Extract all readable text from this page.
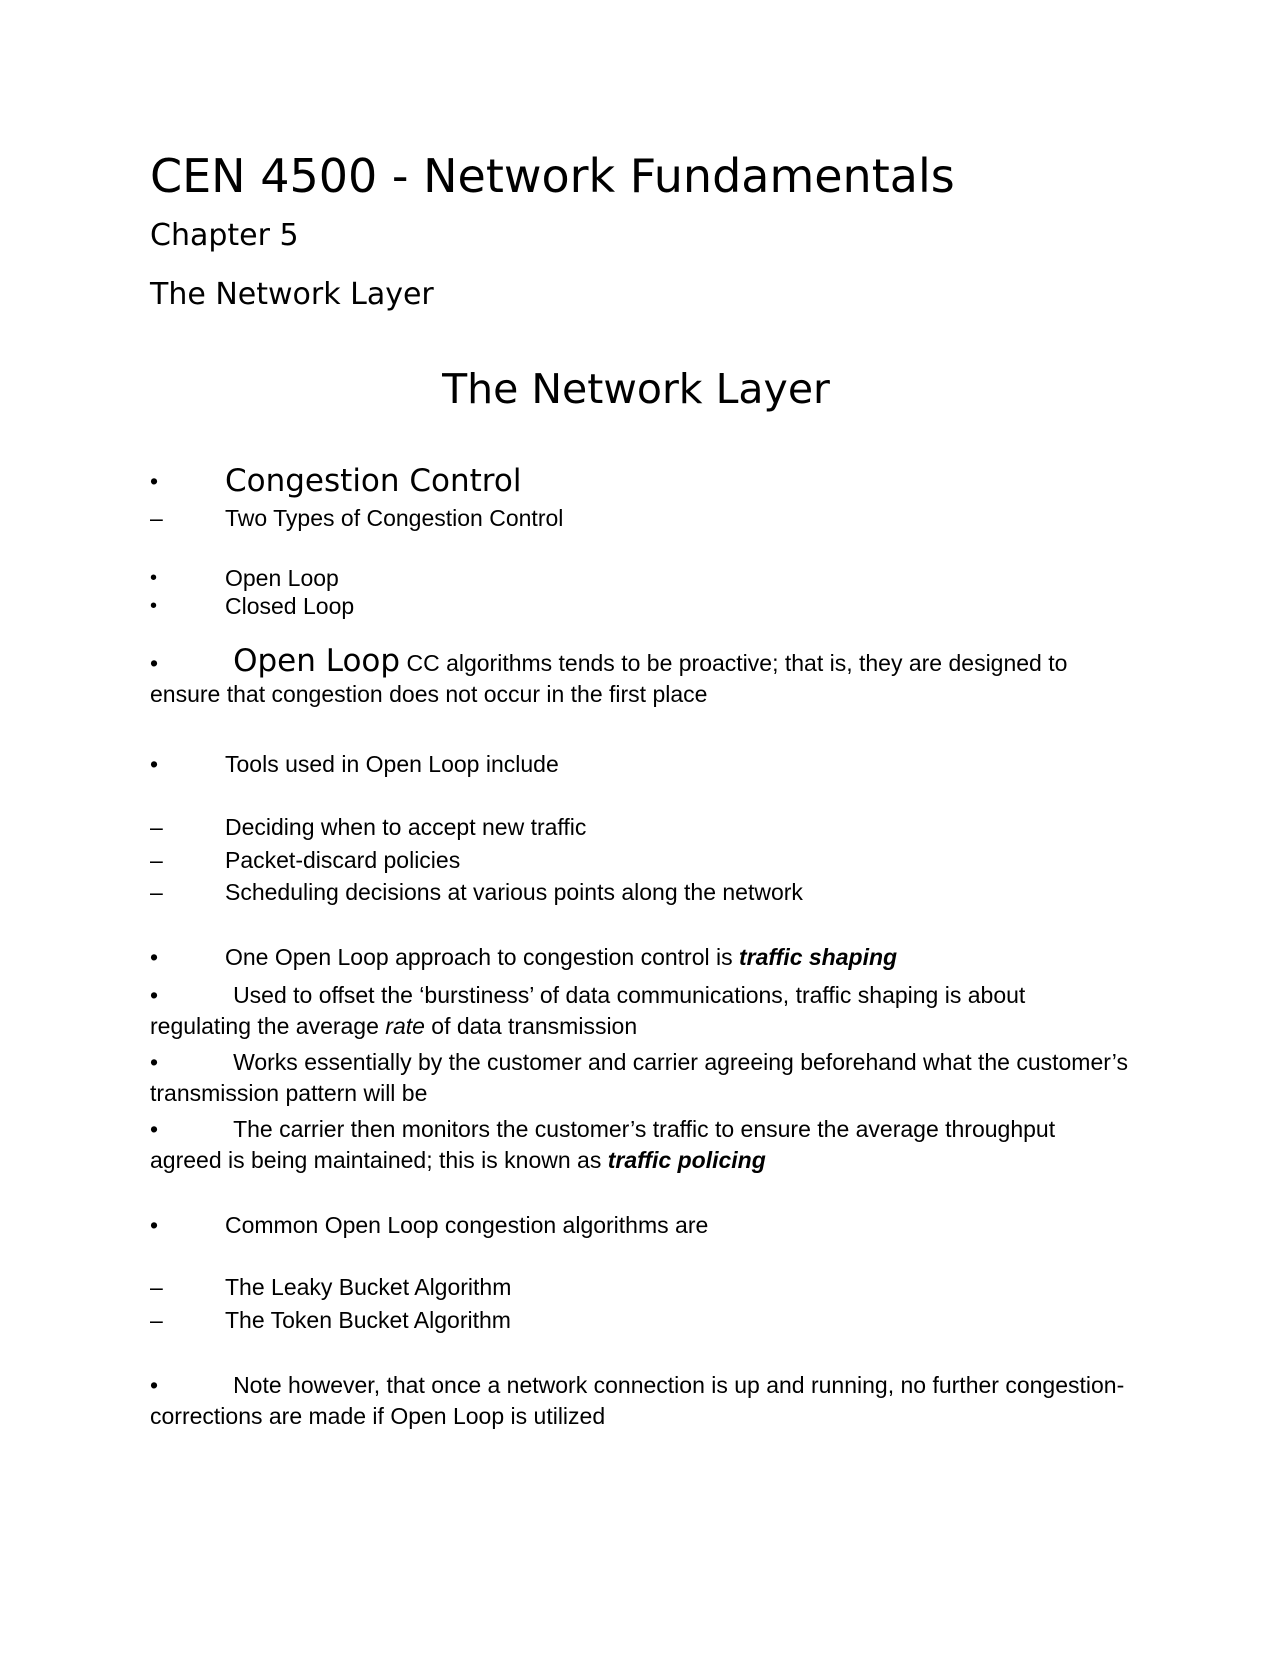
CEN 4500 - Network Fundamentals
Chapter 5
The Network Layer
The Network Layer
•	Congestion Control
–	Two Types of Congestion Control
•	Open Loop
•	Closed Loop
• Open Loop CC algorithms tends to be proactive; that is, they are designed to ensure that congestion does not occur in the first place
•	Tools used in Open Loop include
–	Deciding when to accept new traffic
–	Packet-discard policies
–	Scheduling decisions at various points along the network
•	One Open Loop approach to congestion control is traffic shaping
•	Used to offset the ‘burstiness’ of data communications, traffic shaping is about regulating the average rate of data transmission
•	Works essentially by the customer and carrier agreeing beforehand what the customer’s transmission pattern will be
•	The carrier then monitors the customer’s traffic to ensure the average throughput agreed is being maintained; this is known as traffic policing
•	Common Open Loop congestion algorithms are
–	The Leaky Bucket Algorithm
–	The Token Bucket Algorithm
•	Note however, that once a network connection is up and running, no further congestion-corrections are made if Open Loop is utilized
